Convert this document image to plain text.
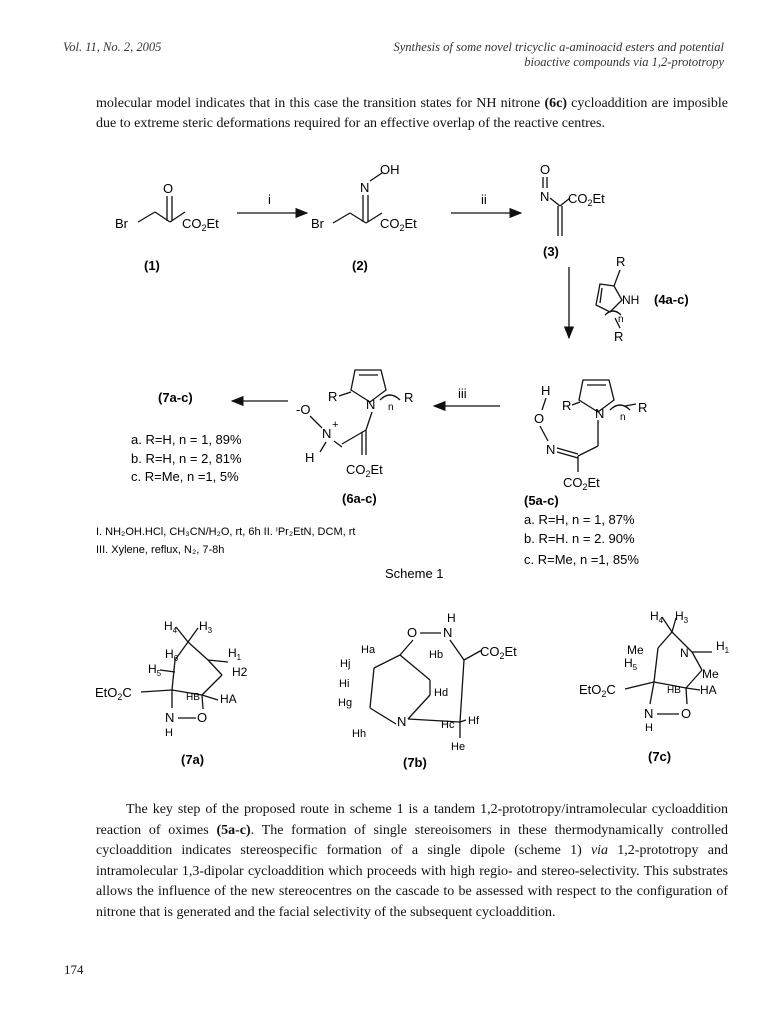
Vol. 11, No. 2, 2005	Synthesis of some novel tricyclic a-aminoacid esters and potential
bioactive compounds via 1,2-prototropy
molecular model indicates that in this case the transition states for NH nitrone (6c) cycloaddition are imposible due to extreme steric deformations required for an effective overlap of the reactive centres.
O
Br	$CO_2Et$
(1)
i
N
OH
Br	$CO_2Et$
(2)
ii
O
N $CO_2Et$
(3)
R
NH
n
R
(4a-c)
H
O
N
$CO_2Et$
N
R
n
R
(5a-c)
a. R=H, n = 1, 87%
b. R=H. n = 2. 90%
c. R=Me, n =1, 85%
iii
N
R
n
R
-O
N
+
H
$CO_2Et$
(6a-c)
(7a-c)
a. R=H, n = 1, 89%
b. R=H, n = 2, 81%
c. R=Me, n =1, 5%
I. NH₂OH.HCl, CH₃CN/H₂O, rt, 6h II. ⁱPr₂EtN, DCM, rt
III. Xylene, reflux, N₂, 7-8h
Scheme 1
$H_4$ $H_3$
$H_6$
$H_5$
$H_1$
H2
HA
HB
EtO$_2$C
N
H
O
(7a)
H
O N
Ha	Hb	$CO_2Et$
Hj
Hi
Hg
Hd
N	Hc Hf
He
Hh
(7b)
$H_4$ $H_3$
Me
$H_5$
N $H_1$
Me
HA
HB
EtO$_2$C
N
H
O
(7c)
The key step of the proposed route in scheme 1 is a tandem 1,2-prototropy/intramolecular cycloaddition reaction of oximes (5a-c). The formation of single stereoisomers in these thermodynamically controlled cycloaddition indicates stereospecific formation of a single dipole (scheme 1) via 1,2-prototropy and intramolecular 1,3-dipolar cycloaddition which proceeds with high regio- and stereo-selectivity. This substrates allows the influence of the new stereocentres on the cascade to be assessed with respect to the configuration of nitrone that is generated and the facial selectivity of the subsequent cycloaddition.
174
